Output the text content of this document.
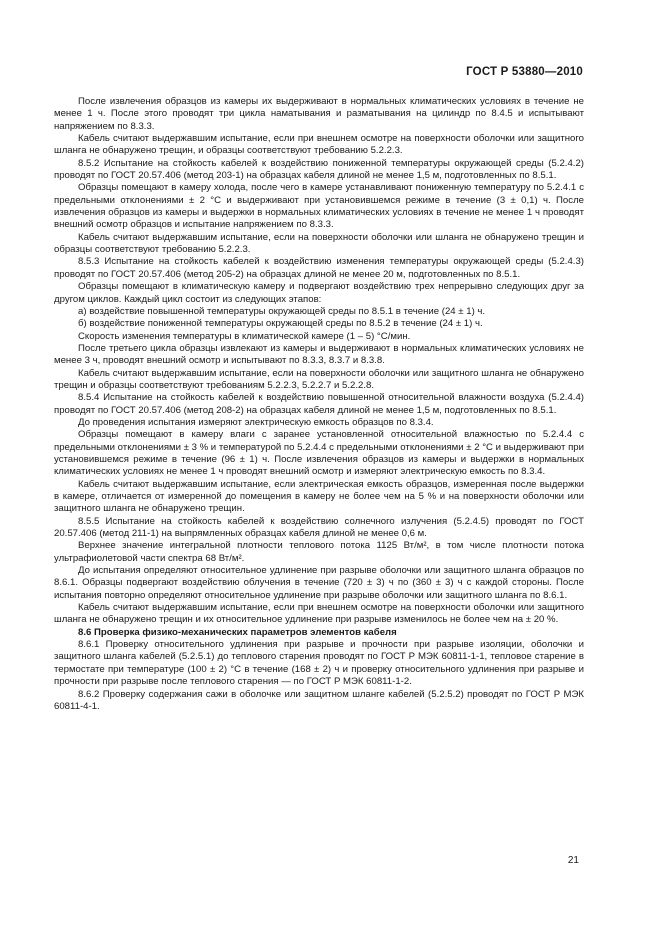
ГОСТ Р 53880—2010

После извлечения образцов из камеры их выдерживают в нормальных климатических условиях в течение не менее 1 ч. После этого проводят три цикла наматывания и разматывания на цилиндр по 8.4.5 и испытывают напряжением по 8.3.3.

Кабель считают выдержавшим испытание, если при внешнем осмотре на поверхности оболочки или защитного шланга не обнаружено трещин, и образцы соответствуют требованию 5.2.2.3.

8.5.2 Испытание на стойкость кабелей к воздействию пониженной температуры окружающей среды (5.2.4.2) проводят по ГОСТ 20.57.406 (метод 203-1) на образцах кабеля длиной не менее 1,5 м, подготовленных по 8.5.1.

Образцы помещают в камеру холода, после чего в камере устанавливают пониженную температуру по 5.2.4.1 с предельными отклонениями ± 2 °С и выдерживают при установившемся режиме в течение (3 ± 0,1) ч. После извлечения образцов из камеры и выдержки в нормальных климатических условиях в течение не менее 1 ч проводят внешний осмотр образцов и испытание напряжением по 8.3.3.

Кабель считают выдержавшим испытание, если на поверхности оболочки или шланга не обнаружено трещин и образцы соответствуют требованию 5.2.2.3.

8.5.3 Испытание на стойкость кабелей к воздействию изменения температуры окружающей среды (5.2.4.3) проводят по ГОСТ 20.57.406 (метод 205-2) на образцах длиной не менее 20 м, подготовленных по 8.5.1.

Образцы помещают в климатическую камеру и подвергают воздействию трех непрерывно следующих друг за другом циклов. Каждый цикл состоит из следующих этапов:

а) воздействие повышенной температуры окружающей среды по 8.5.1 в течение (24 ± 1) ч.

б) воздействие пониженной температуры окружающей среды по 8.5.2 в течение (24 ± 1) ч.

Скорость изменения температуры в климатической камере (1 – 5) °С/мин.

После третьего цикла образцы извлекают из камеры и выдерживают в нормальных климатических условиях не менее 3 ч, проводят внешний осмотр и испытывают по 8.3.3, 8.3.7 и 8.3.8.

Кабель считают выдержавшим испытание, если на поверхности оболочки или защитного шланга не обнаружено трещин и образцы соответствуют требованиям 5.2.2.3, 5.2.2.7 и 5.2.2.8.

8.5.4 Испытание на стойкость кабелей к воздействию повышенной относительной влажности воздуха (5.2.4.4) проводят по ГОСТ 20.57.406 (метод 208-2) на образцах кабеля длиной не менее 1,5 м, подготовленных по 8.5.1.

До проведения испытания измеряют электрическую емкость образцов по 8.3.4.

Образцы помещают в камеру влаги с заранее установленной относительной влажностью по 5.2.4.4 с предельными отклонениями ± 3 % и температурой по 5.2.4.4 с предельными отклонениями ± 2 °С и выдерживают при установившемся режиме в течение (96 ± 1) ч. После извлечения образцов из камеры и выдержки в нормальных климатических условиях не менее 1 ч проводят внешний осмотр и измеряют электрическую емкость по 8.3.4.

Кабель считают выдержавшим испытание, если электрическая емкость образцов, измеренная после выдержки в камере, отличается от измеренной до помещения в камеру не более чем на 5 % и на поверхности оболочки или защитного шланга не обнаружено трещин.

8.5.5 Испытание на стойкость кабелей к воздействию солнечного излучения (5.2.4.5) проводят по ГОСТ 20.57.406 (метод 211-1) на выпрямленных образцах кабеля длиной не менее 0,6 м.

Верхнее значение интегральной плотности теплового потока 1125 Вт/м², в том числе плотности потока ультрафиолетовой части спектра 68 Вт/м².

До испытания определяют относительное удлинение при разрыве оболочки или защитного шланга образцов по 8.6.1. Образцы подвергают воздействию облучения в течение (720 ± 3) ч по (360 ± 3) ч с каждой стороны. После испытания повторно определяют относительное удлинение при разрыве оболочки или защитного шланга по 8.6.1.

Кабель считают выдержавшим испытание, если при внешнем осмотре на поверхности оболочки или защитного шланга не обнаружено трещин и их относительное удлинение при разрыве изменилось не более чем на ± 20 %.

8.6 Проверка физико-механических параметров элементов кабеля

8.6.1 Проверку относительного удлинения при разрыве и прочности при разрыве изоляции, оболочки и защитного шланга кабелей (5.2.5.1) до теплового старения проводят по ГОСТ Р МЭК 60811-1-1, тепловое старение в термостате при температуре (100 ± 2) °С в течение (168 ± 2) ч и проверку относительного удлинения при разрыве и прочности при разрыве после теплового старения — по ГОСТ Р МЭК 60811-1-2.

8.6.2 Проверку содержания сажи в оболочке или защитном шланге кабелей (5.2.5.2) проводят по ГОСТ Р МЭК 60811-4-1.

21
